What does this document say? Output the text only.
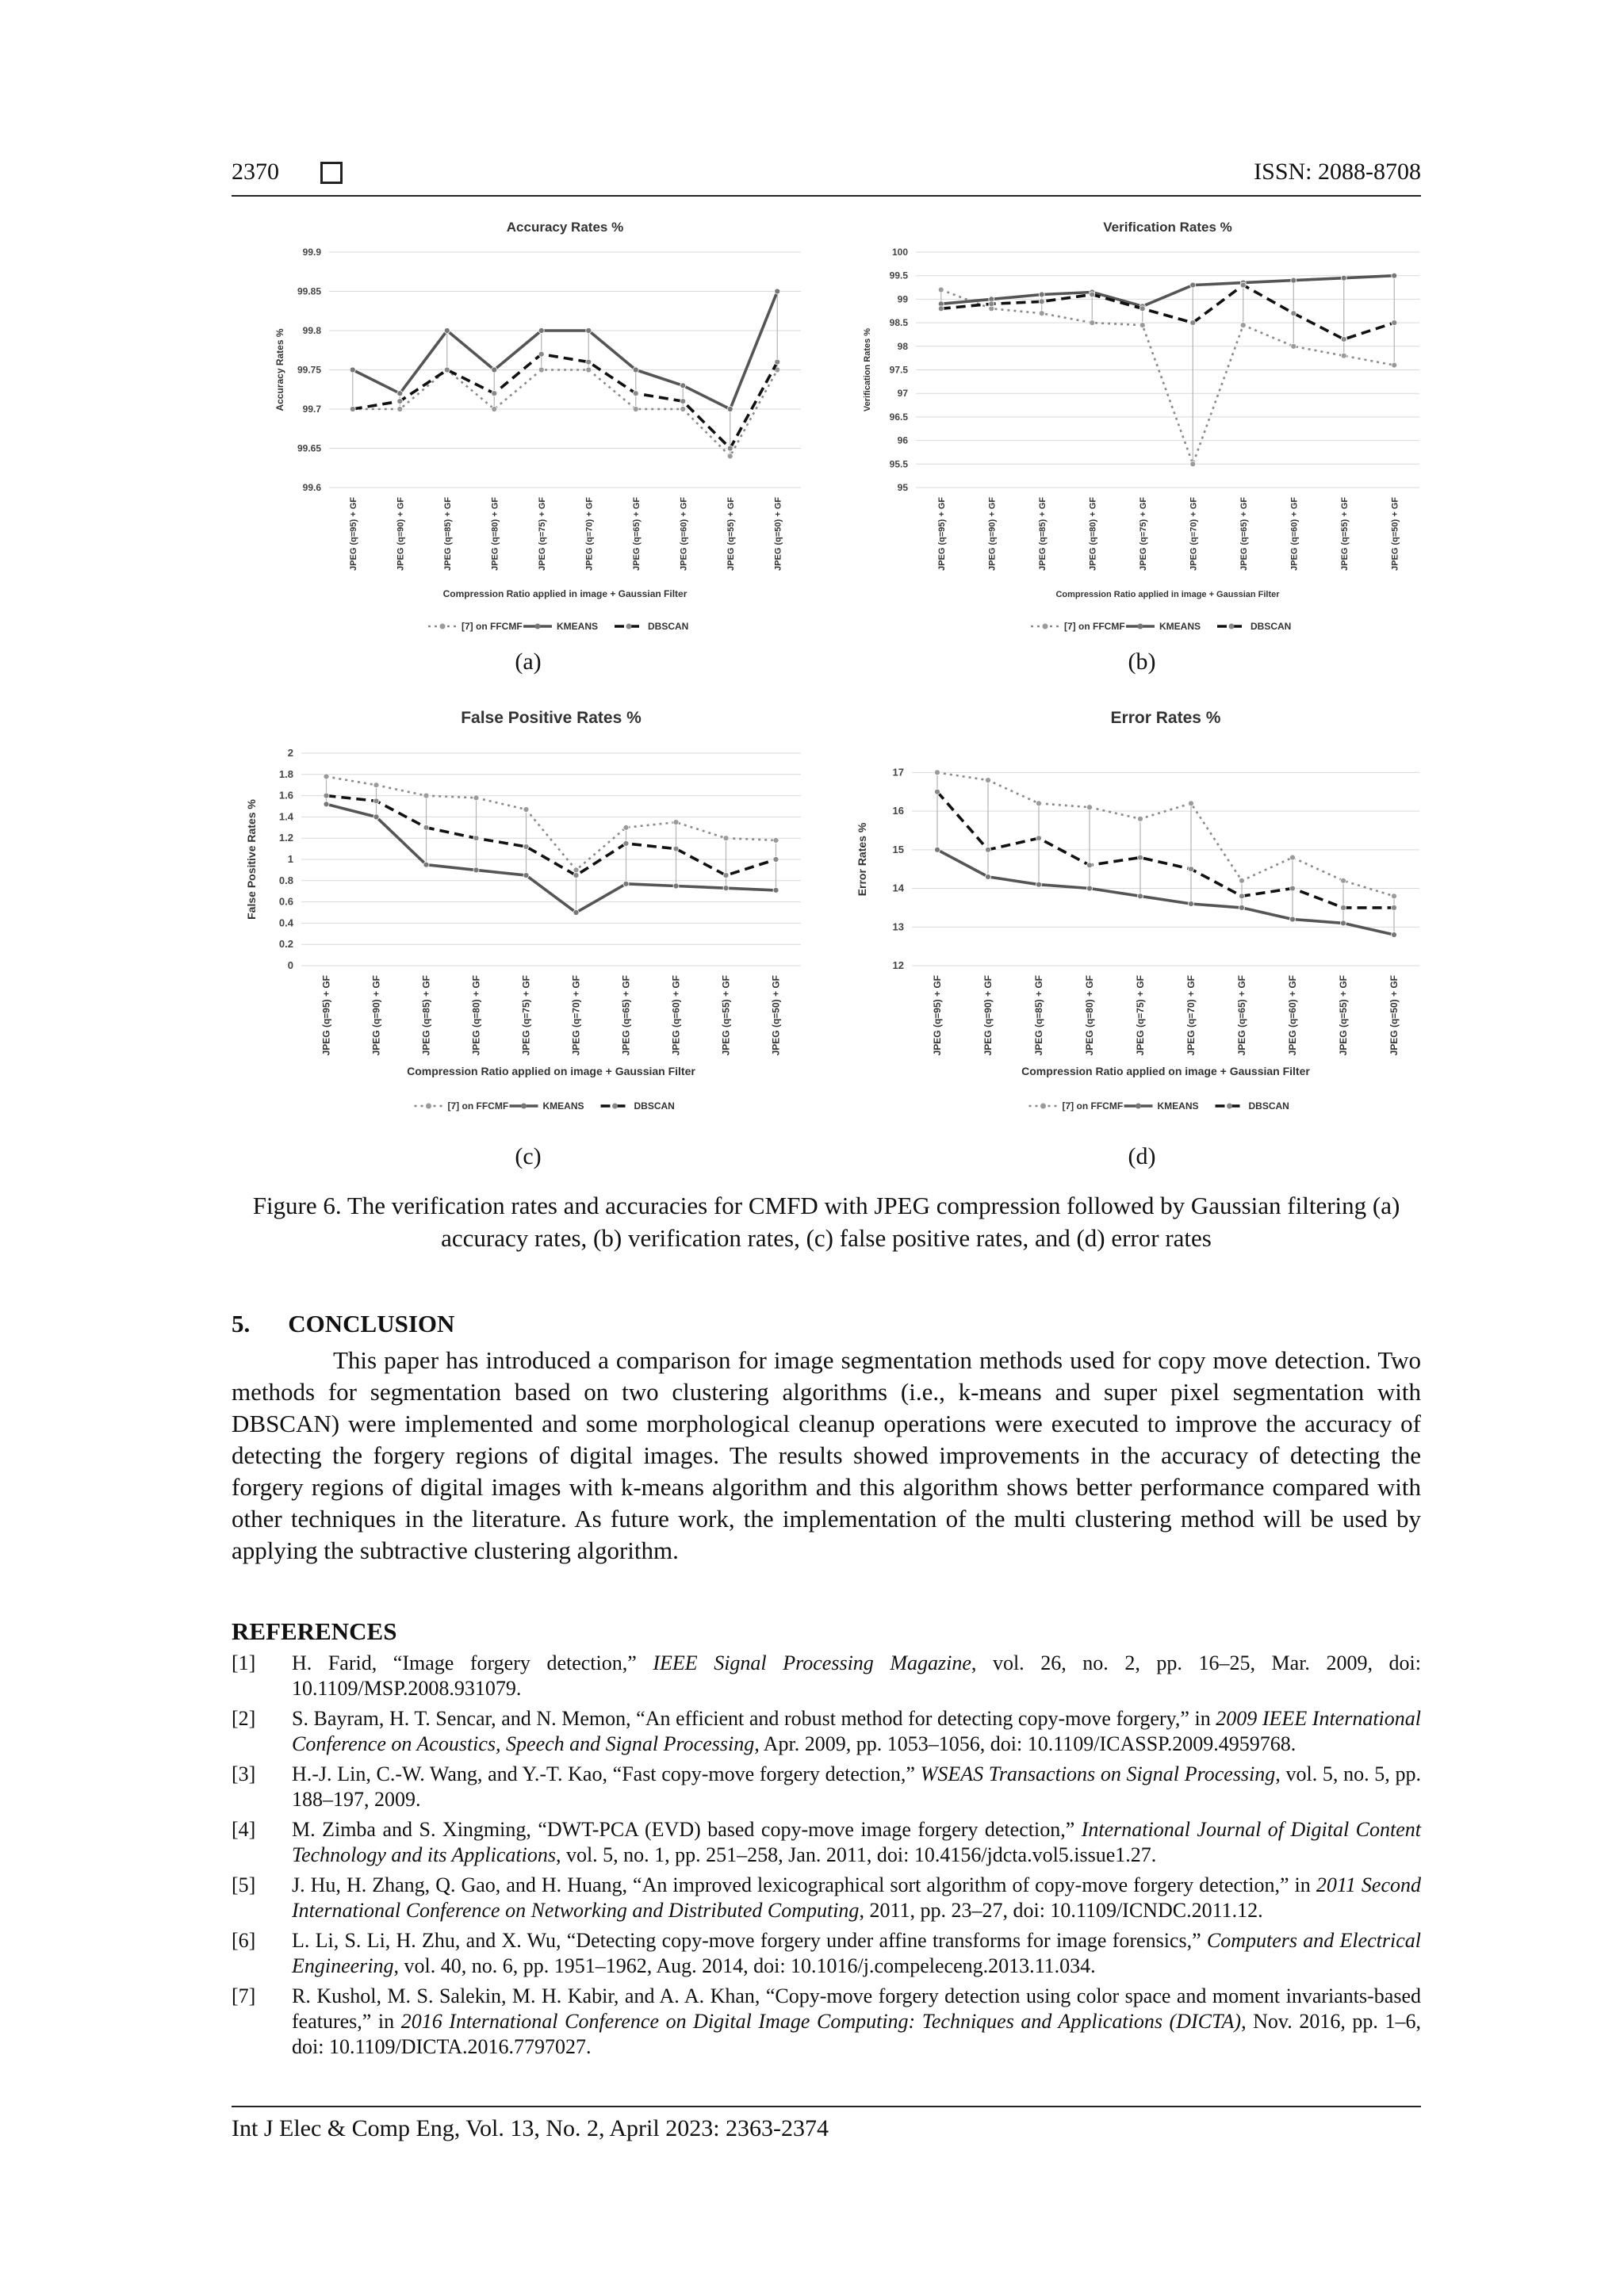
2370	ISSN: 2088-8708
Accuracy Rates %
99.6
99.65
99.7
99.75
99.8
99.85
99.9
Accuracy Rates %
JPEG (q=95) + GF	JPEG (q=90) + GF	JPEG (q=85) + GF	JPEG (q=80) + GF	JPEG (q=75) + GF	JPEG (q=70) + GF	JPEG (q=65) + GF	JPEG (q=60) + GF	JPEG (q=55) + GF	JPEG (q=50) + GF
Compression Ratio applied in image + Gaussian Filter
[7] on FFCMF	KMEANS	DBSCAN
Verification Rates %
95
95.5
96
96.5
97
97.5
98
98.5
99
99.5
100
Verification Rates %
JPEG (q=95) + GF	JPEG (q=90) + GF	JPEG (q=85) + GF	JPEG (q=80) + GF	JPEG (q=75) + GF	JPEG (q=70) + GF	JPEG (q=65) + GF	JPEG (q=60) + GF	JPEG (q=55) + GF	JPEG (q=50) + GF
Compression Ratio applied in image + Gaussian Filter
[7] on FFCMF	KMEANS	DBSCAN
False Positive Rates %
0
0.2
0.4
0.6
0.8
1
1.2
1.4
1.6
1.8
2
False Positive Rates %
JPEG (q=95) + GF	JPEG (q=90) + GF	JPEG (q=85) + GF	JPEG (q=80) + GF	JPEG (q=75) + GF	JPEG (q=70) + GF	JPEG (q=65) + GF	JPEG (q=60) + GF	JPEG (q=55) + GF	JPEG (q=50) + GF
Compression Ratio applied on image + Gaussian Filter
[7] on FFCMF	KMEANS	DBSCAN
Error Rates %
12
13
14
15
16
17
Error Rates %
JPEG (q=95) + GF	JPEG (q=90) + GF	JPEG (q=85) + GF	JPEG (q=80) + GF	JPEG (q=75) + GF	JPEG (q=70) + GF	JPEG (q=65) + GF	JPEG (q=60) + GF	JPEG (q=55) + GF	JPEG (q=50) + GF
Compression Ratio applied on image + Gaussian Filter
[7] on FFCMF	KMEANS	DBSCAN
(a)	(b)
(c)	(d)
Figure 6. The verification rates and accuracies for CMFD with JPEG compression followed by Gaussian filtering (a) accuracy rates, (b) verification rates, (c) false positive rates, and (d) error rates
5. CONCLUSION

This paper has introduced a comparison for image segmentation methods used for copy move detection. Two methods for segmentation based on two clustering algorithms (i.e., k-means and super pixel segmentation with DBSCAN) were implemented and some morphological cleanup operations were executed to improve the accuracy of detecting the forgery regions of digital images. The results showed improvements in the accuracy of detecting the forgery regions of digital images with k-means algorithm and this algorithm shows better performance compared with other techniques in the literature. As future work, the implementation of the multi clustering method will be used by applying the subtractive clustering algorithm.

REFERENCES
[1] H. Farid, “Image forgery detection,” IEEE Signal Processing Magazine, vol. 26, no. 2, pp. 16–25, Mar. 2009, doi: 10.1109/MSP.2008.931079.
[2] S. Bayram, H. T. Sencar, and N. Memon, “An efficient and robust method for detecting copy-move forgery,” in 2009 IEEE International Conference on Acoustics, Speech and Signal Processing, Apr. 2009, pp. 1053–1056, doi: 10.1109/ICASSP.2009.4959768.
[3] H.-J. Lin, C.-W. Wang, and Y.-T. Kao, “Fast copy-move forgery detection,” WSEAS Transactions on Signal Processing, vol. 5, no. 5, pp. 188–197, 2009.
[4] M. Zimba and S. Xingming, “DWT-PCA (EVD) based copy-move image forgery detection,” International Journal of Digital Content Technology and its Applications, vol. 5, no. 1, pp. 251–258, Jan. 2011, doi: 10.4156/jdcta.vol5.issue1.27.
[5] J. Hu, H. Zhang, Q. Gao, and H. Huang, “An improved lexicographical sort algorithm of copy-move forgery detection,” in 2011 Second International Conference on Networking and Distributed Computing, 2011, pp. 23–27, doi: 10.1109/ICNDC.2011.12.
[6] L. Li, S. Li, H. Zhu, and X. Wu, “Detecting copy-move forgery under affine transforms for image forensics,” Computers and Electrical Engineering, vol. 40, no. 6, pp. 1951–1962, Aug. 2014, doi: 10.1016/j.compeleceng.2013.11.034.
[7] R. Kushol, M. S. Salekin, M. H. Kabir, and A. A. Khan, “Copy-move forgery detection using color space and moment invariants-based features,” in 2016 International Conference on Digital Image Computing: Techniques and Applications (DICTA), Nov. 2016, pp. 1–6, doi: 10.1109/DICTA.2016.7797027.
Int J Elec & Comp Eng, Vol. 13, No. 2, April 2023: 2363-2374
